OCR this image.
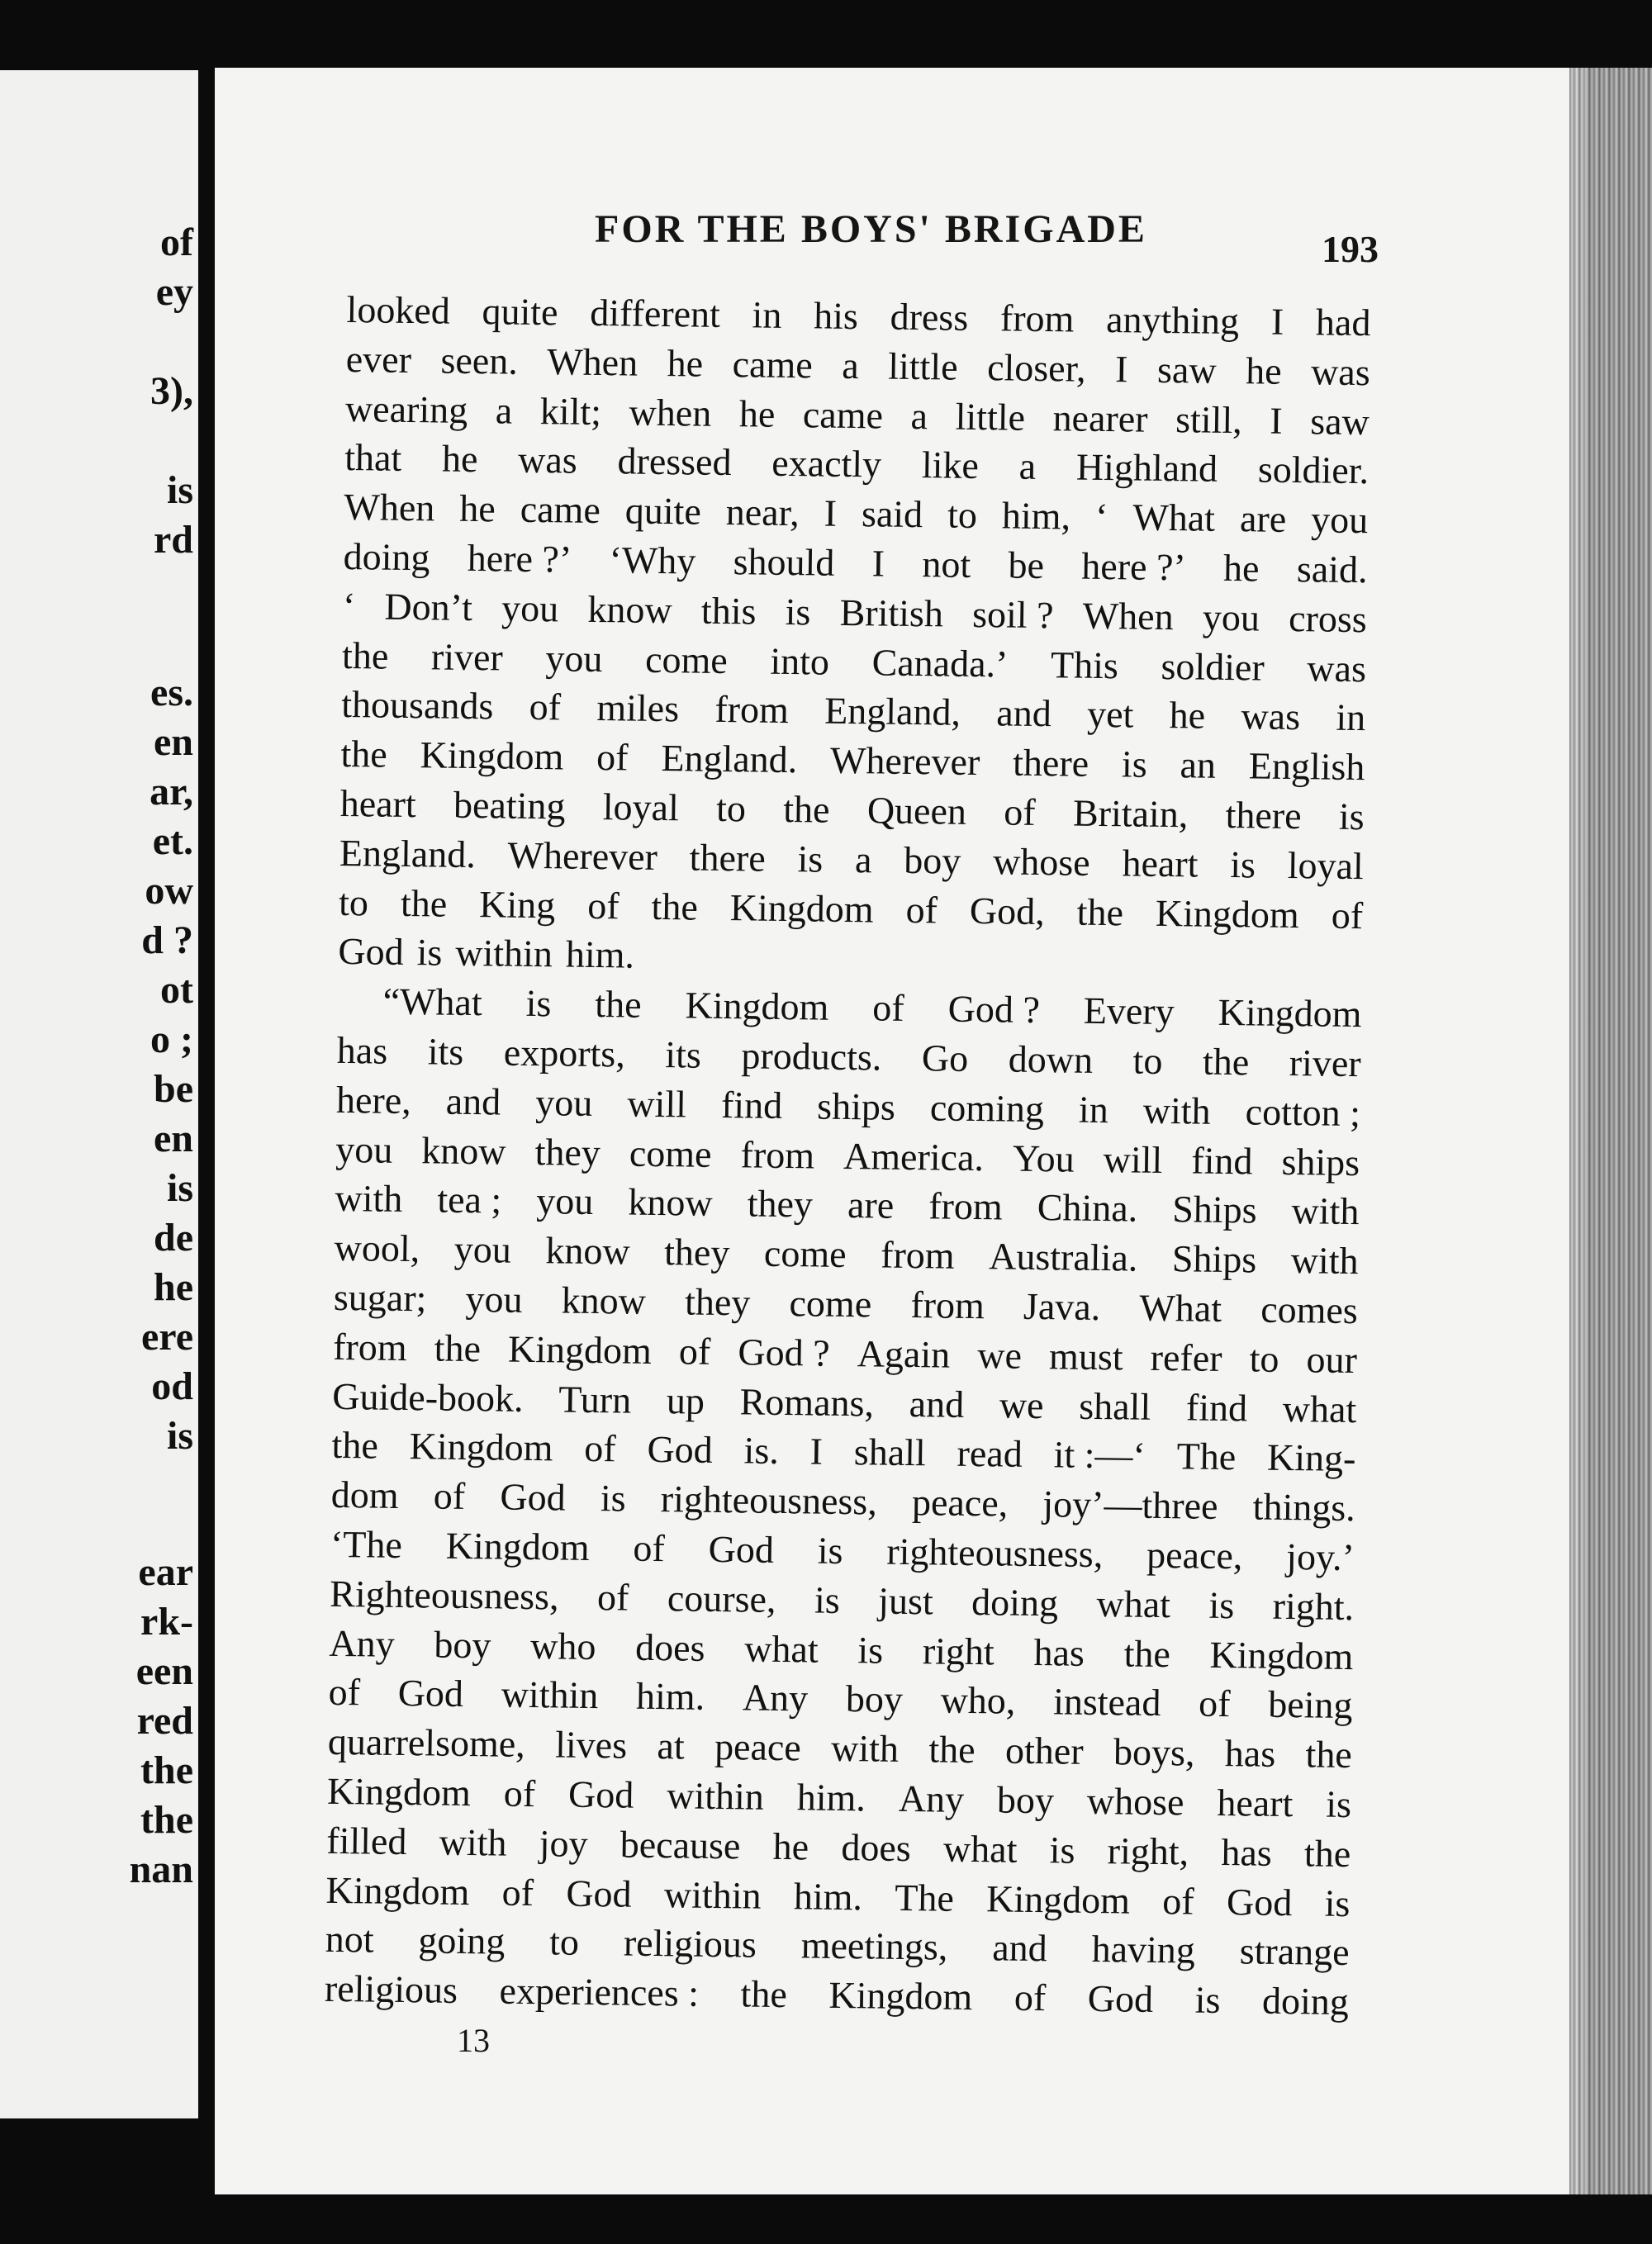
of
ey
3),
is
rd
es.
en
ar,
et.
ow
d ?
ot
o ;
be
en
is
de
he
ere
od
is
ear
rk-
een
red
the
the
nan
FOR THE BOYS' BRIGADE	193
looked quite different in his dress from anything I had
ever seen. When he came a little closer, I saw he was
wearing a kilt; when he came a little nearer still, I saw
that he was dressed exactly like a Highland soldier.
When he came quite near, I said to him, ‘ What are you
doing here ?’ ‘Why should I not be here ?’ he said.
‘ Don’t you know this is British soil ? When you cross
the river you come into Canada.’ This soldier was
thousands of miles from England, and yet he was in
the Kingdom of England. Wherever there is an English
heart beating loyal to the Queen of Britain, there is
England. Wherever there is a boy whose heart is loyal
to the King of the Kingdom of God, the Kingdom of
God is within him.
“What is the Kingdom of God ? Every Kingdom
has its exports, its products. Go down to the river
here, and you will find ships coming in with cotton ;
you know they come from America. You will find ships
with tea ; you know they are from China. Ships with
wool, you know they come from Australia. Ships with
sugar; you know they come from Java. What comes
from the Kingdom of God ? Again we must refer to our
Guide-book. Turn up Romans, and we shall find what
the Kingdom of God is. I shall read it :—‘ The King-
dom of God is righteousness, peace, joy’—three things.
‘The Kingdom of God is righteousness, peace, joy.’
Righteousness, of course, is just doing what is right.
Any boy who does what is right has the Kingdom
of God within him. Any boy who, instead of being
quarrelsome, lives at peace with the other boys, has the
Kingdom of God within him. Any boy whose heart is
filled with joy because he does what is right, has the
Kingdom of God within him. The Kingdom of God is
not going to religious meetings, and having strange
religious experiences : the Kingdom of God is doing
13
